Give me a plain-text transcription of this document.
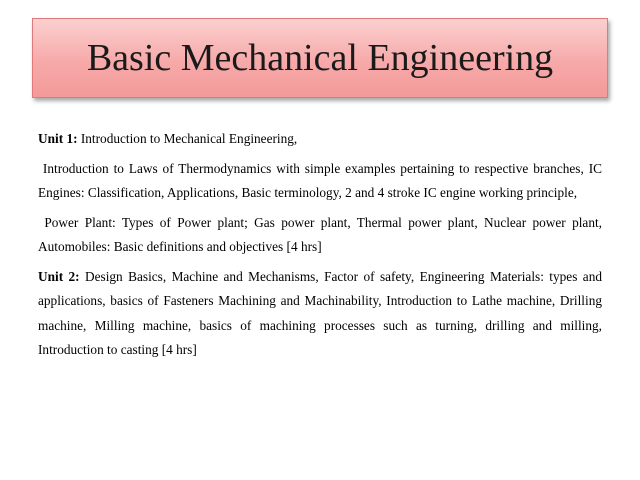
Basic Mechanical Engineering

Unit 1: Introduction to Mechanical Engineering,

Introduction to Laws of Thermodynamics with simple examples pertaining to respective branches, IC Engines: Classification, Applications, Basic terminology, 2 and 4 stroke IC engine working principle,

Power Plant: Types of Power plant; Gas power plant, Thermal power plant, Nuclear power plant, Automobiles: Basic definitions and objectives [4 hrs]

Unit 2: Design Basics, Machine and Mechanisms, Factor of safety, Engineering Materials: types and applications, basics of Fasteners Machining and Machinability, Introduction to Lathe machine, Drilling machine, Milling machine, basics of machining processes such as turning, drilling and milling, Introduction to casting [4 hrs]
